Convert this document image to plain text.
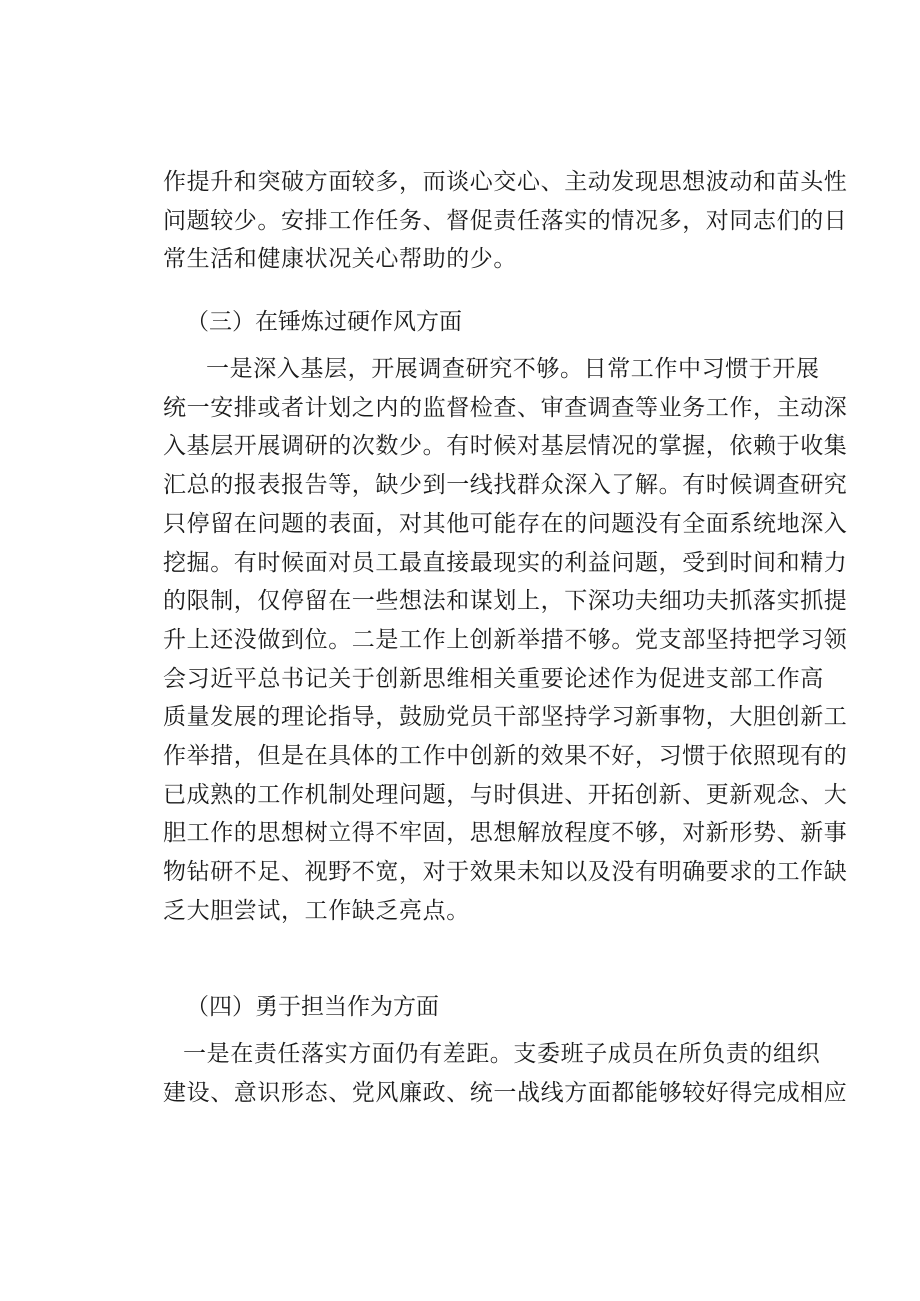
作提升和突破方面较多，而谈心交心、主动发现思想波动和苗头性
问题较少。安排工作任务、督促责任落实的情况多，对同志们的日
常生活和健康状况关心帮助的少。
（三）在锤炼过硬作风方面
一是深入基层，开展调查研究不够。日常工作中习惯于开展
统一安排或者计划之内的监督检查、审查调查等业务工作，主动深
入基层开展调研的次数少。有时候对基层情况的掌握，依赖于收集
汇总的报表报告等，缺少到一线找群众深入了解。有时候调查研究
只停留在问题的表面，对其他可能存在的问题没有全面系统地深入
挖掘。有时候面对员工最直接最现实的利益问题，受到时间和精力
的限制，仅停留在一些想法和谋划上，下深功夫细功夫抓落实抓提
升上还没做到位。二是工作上创新举措不够。党支部坚持把学习领
会习近平总书记关于创新思维相关重要论述作为促进支部工作高
质量发展的理论指导，鼓励党员干部坚持学习新事物，大胆创新工
作举措，但是在具体的工作中创新的效果不好，习惯于依照现有的
已成熟的工作机制处理问题，与时俱进、开拓创新、更新观念、大
胆工作的思想树立得不牢固，思想解放程度不够，对新形势、新事
物钻研不足、视野不宽，对于效果未知以及没有明确要求的工作缺
乏大胆尝试，工作缺乏亮点。
（四）勇于担当作为方面
一是在责任落实方面仍有差距。支委班子成员在所负责的组织
建设、意识形态、党风廉政、统一战线方面都能够较好得完成相应
